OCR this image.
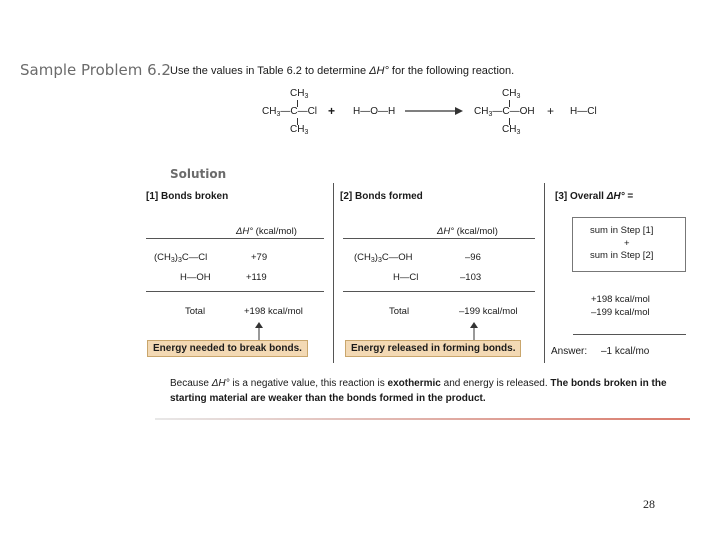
Sample Problem 6.2 Use the values in Table 6.2 to determine ΔH° for the following reaction.
$CH_3$
$CH_3—C—Cl$
$CH_3$
+ H—O—H →
$CH_3$
$CH_3—C—OH$
$CH_3$
+ H—Cl
Solution
[1] Bonds broken
ΔH° (kcal/mol)
$(CH_3)_3C—Cl$	+79
H—OH	+119
Total	+198 kcal/mol
Energy needed to break bonds.
[2] Bonds formed
ΔH° (kcal/mol)
$(CH_3)_3C—OH$	–96
H—Cl	–103
Total	–199 kcal/mol
Energy released in forming bonds.
[3] Overall ΔH° =
sum in Step [1]
+
sum in Step [2]
+198 kcal/mol
–199 kcal/mol
Answer: –1 kcal/mo
Because ΔH° is a negative value, this reaction is exothermic and energy is released. The bonds broken in the starting material are weaker than the bonds formed in the product.
28
